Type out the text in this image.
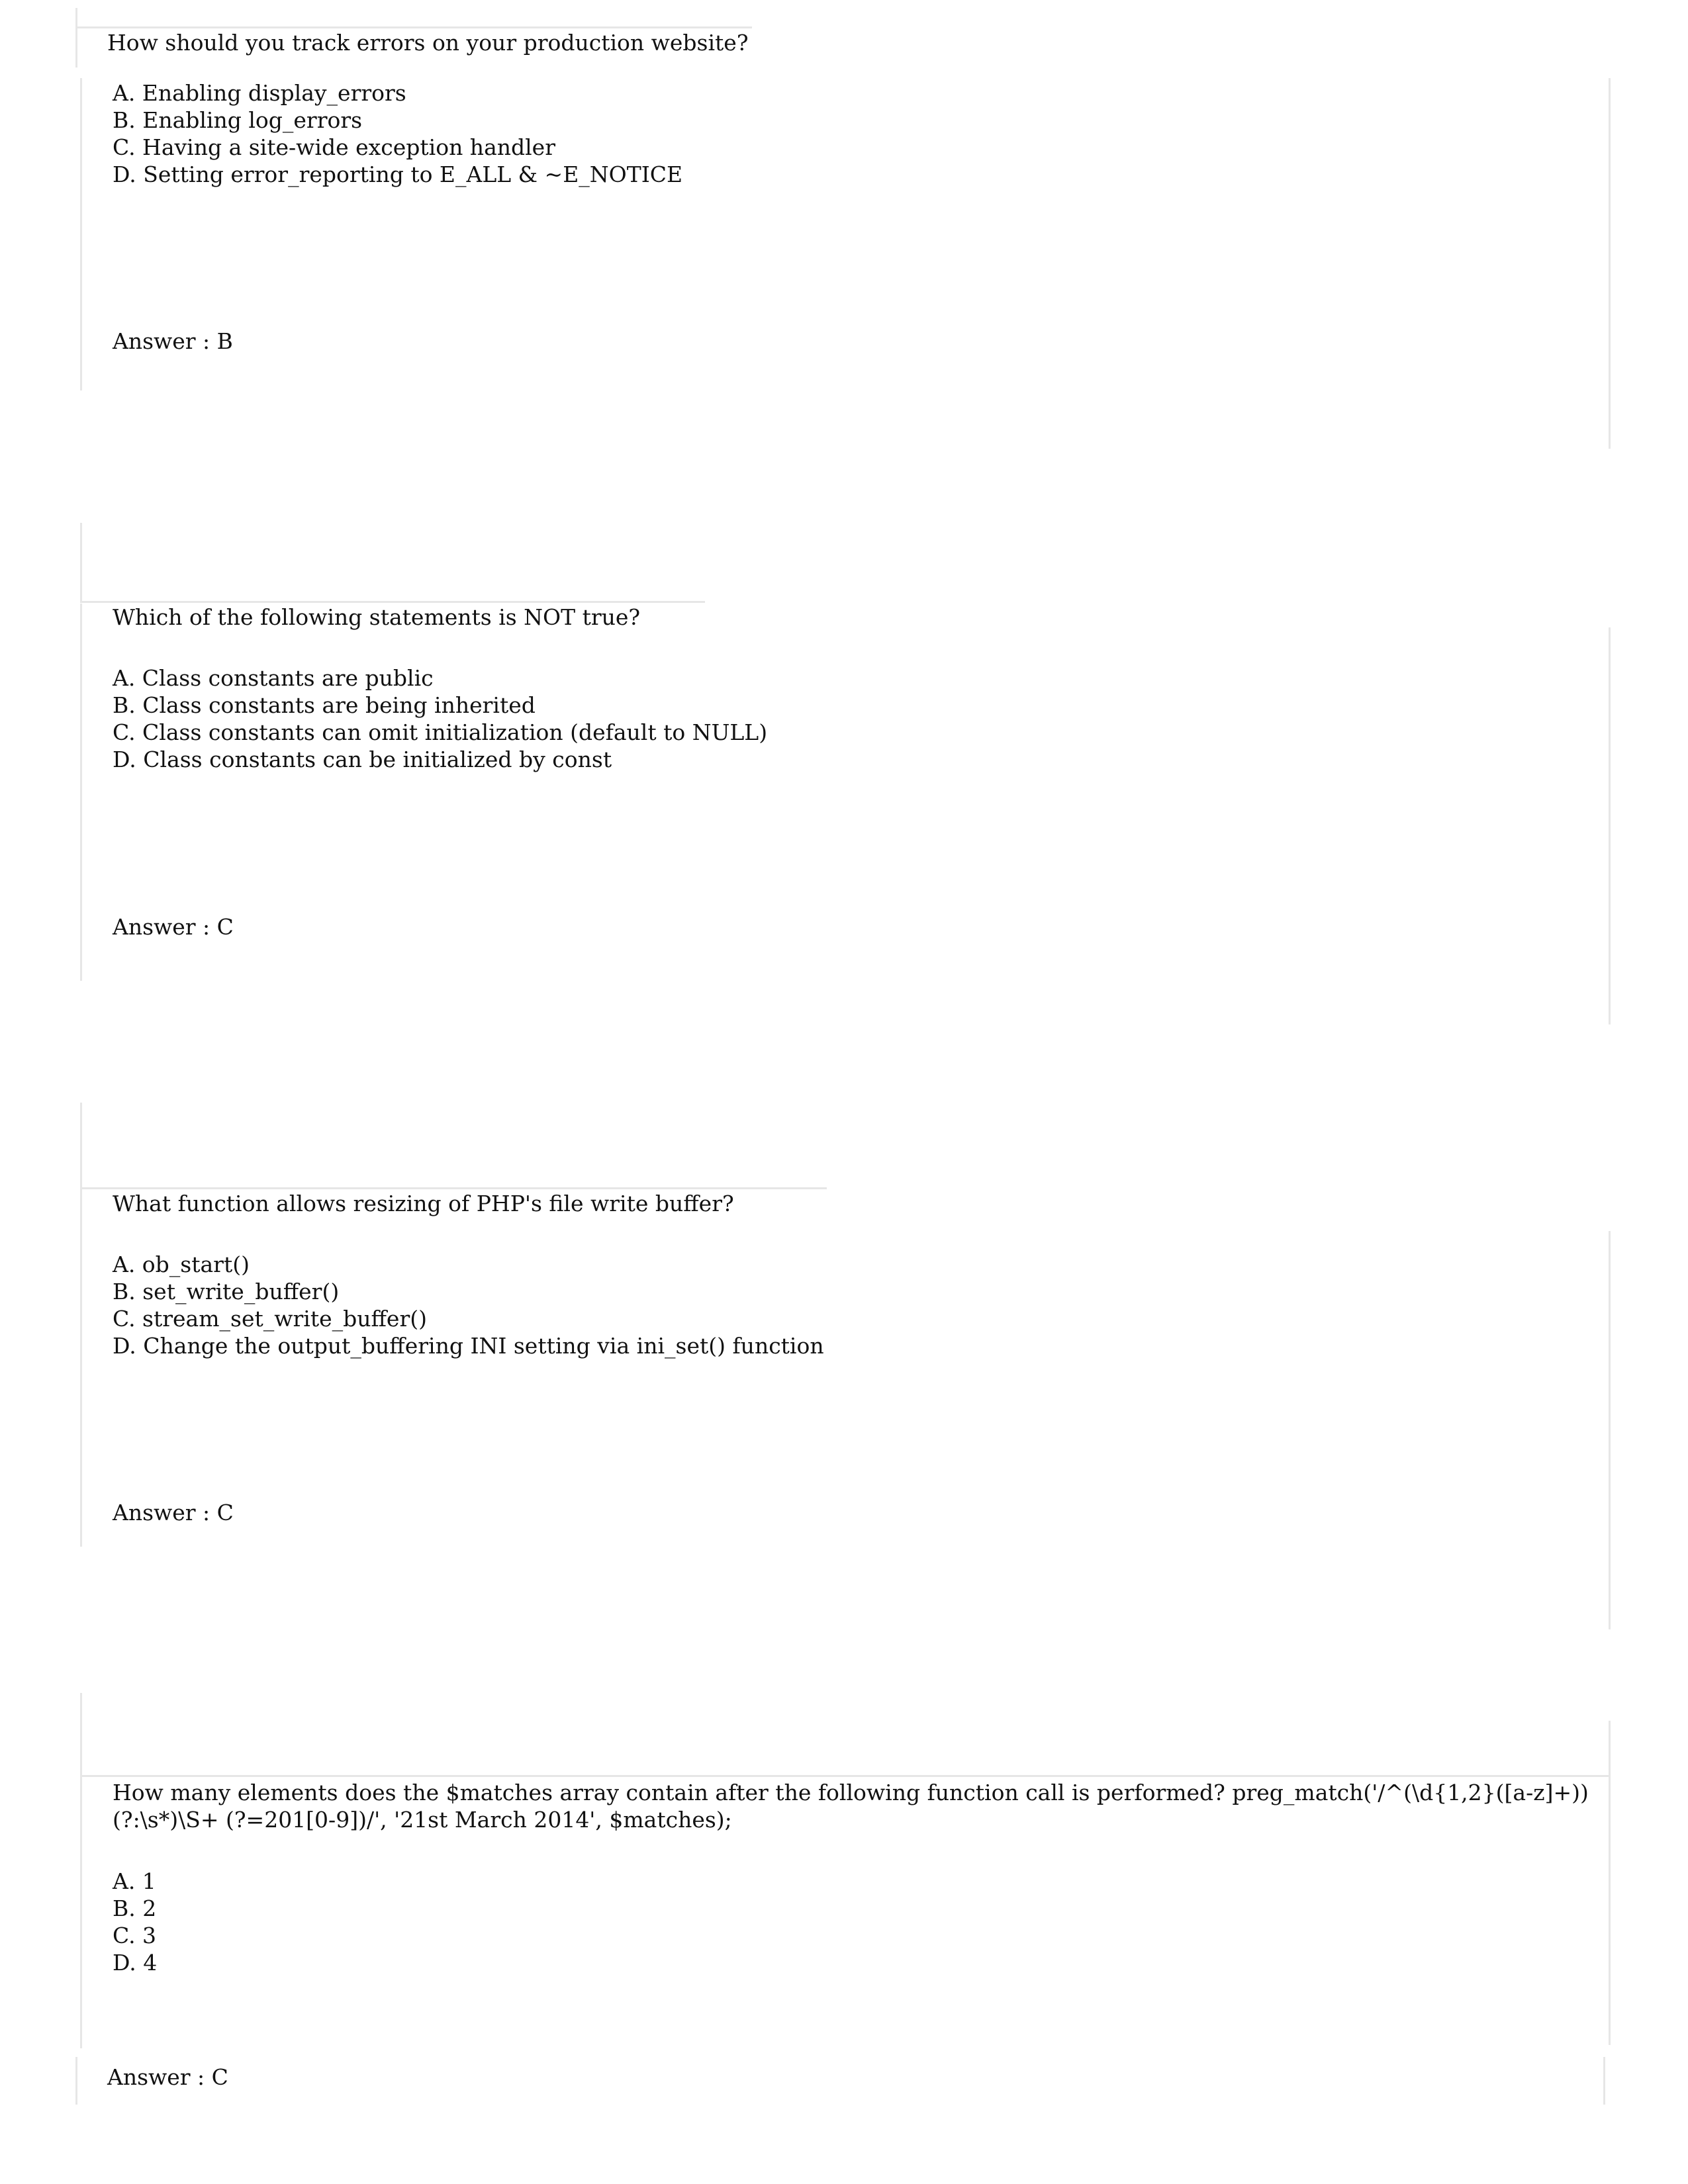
How should you track errors on your production website?

A. Enabling display_errors
B. Enabling log_errors
C. Having a site-wide exception handler
D. Setting error_reporting to E_ALL & ~E_NOTICE

Answer : B

Which of the following statements is NOT true?

A. Class constants are public
B. Class constants are being inherited
C. Class constants can omit initialization (default to NULL)
D. Class constants can be initialized by const

Answer : C

What function allows resizing of PHP's file write buffer?

A. ob_start()
B. set_write_buffer()
C. stream_set_write_buffer()
D. Change the output_buffering INI setting via ini_set() function

Answer : C

How many elements does the $matches array contain after the following function call is performed? preg_match('/^(\d{1,2}([a-z]+))(?:\s*)\S+ (?=201[0-9])/', '21st March 2014', $matches);

A. 1
B. 2
C. 3
D. 4

Answer : C
